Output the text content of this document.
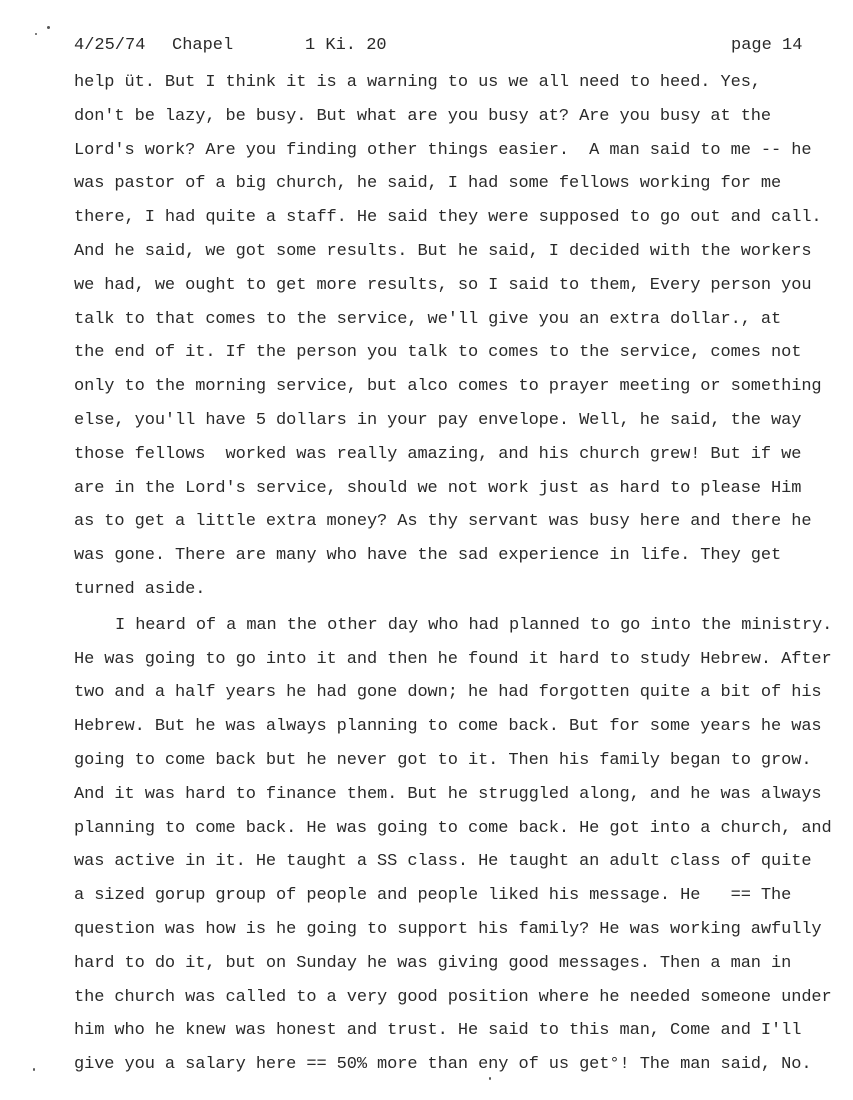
4/25/74 Chapel	1 Ki. 20	page 14
help üt. But I think it is a warning to us we all need to heed. Yes,
don't be lazy, be busy. But what are you busy at? Are you busy at the
Lord's work? Are you finding other things easier.  A man said to me -- he
was pastor of a big church, he said, I had some fellows working for me
there, I had quite a staff. He said they were supposed to go out and call.
And he said, we got some results. But he said, I decided with the workers
we had, we ought to get more results, so I said to them, Every person you
talk to that comes to the service, we'll give you an extra dollar., at
the end of it. If the person you talk to comes to the service, comes not
only to the morning service, but alco comes to prayer meeting or something
else, you'll have 5 dollars in your pay envelope. Well, he said, the way
those fellows  worked was really amazing, and his church grew! But if we
are in the Lord's service, should we not work just as hard to please Him
as to get a little extra money? As thy servant was busy here and there he
was gone. There are many who have the sad experience in life. They get
turned aside.
I heard of a man the other day who had planned to go into the ministry.
He was going to go into it and then he found it hard to study Hebrew. After
two and a half years he had gone down; he had forgotten quite a bit of his
Hebrew. But he was always planning to come back. But for some years he was
going to come back but he never got to it. Then his family began to grow.
And it was hard to finance them. But he struggled along, and he was always
planning to come back. He was going to come back. He got into a church, and
was active in it. He taught a SS class. He taught an adult class of quite
a sized gorup group of people and people liked his message. He   == The
question was how is he going to support his family? He was working awfully
hard to do it, but on Sunday he was giving good messages. Then a man in
the church was called to a very good position where he needed someone under
him who he knew was honest and trust. He said to this man, Come and I'll
give you a salary here == 50% more than eny of us get°! The man said, No.
